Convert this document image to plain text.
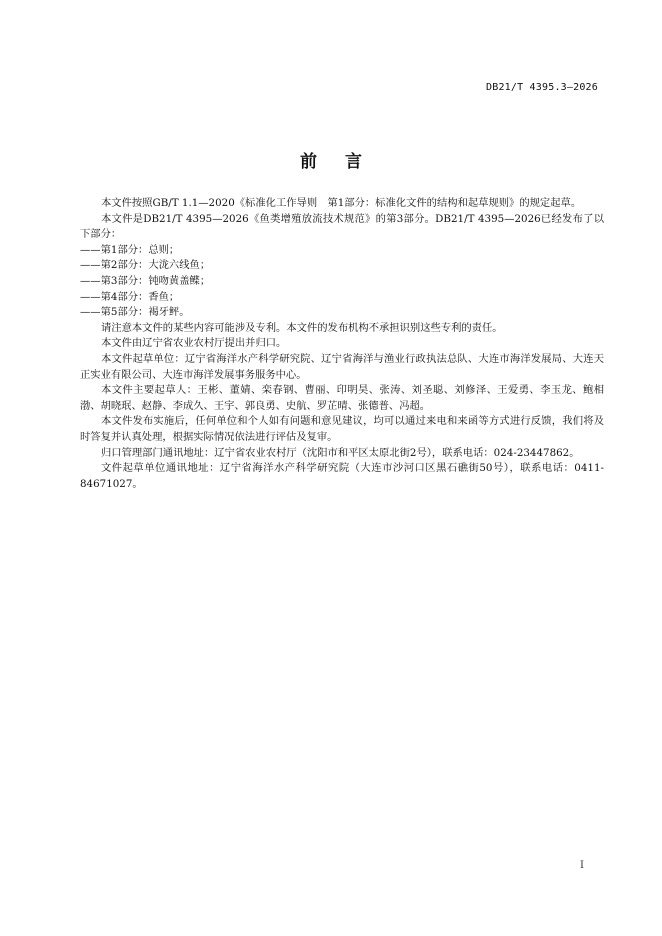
DB21/T 4395.3—2026
前言

本文件按照GB/T 1.1—2020《标准化工作导则　第1部分：标准化文件的结构和起草规则》的规定起草。

本文件是DB21/T 4395—2026《鱼类增殖放流技术规范》的第3部分。DB21/T 4395—2026已经发布了以下部分：

——第1部分：总则；

——第2部分：大泷六线鱼；

——第3部分：钝吻黄盖鲽；

——第4部分：香鱼；

——第5部分：褐牙鲆。

请注意本文件的某些内容可能涉及专利。本文件的发布机构不承担识别这些专利的责任。

本文件由辽宁省农业农村厅提出并归口。

本文件起草单位：辽宁省海洋水产科学研究院、辽宁省海洋与渔业行政执法总队、大连市海洋发展局、大连天正实业有限公司、大连市海洋发展事务服务中心。

本文件主要起草人：王彬、董婧、栾春钢、曹丽、印明昊、张涛、刘圣聪、刘修泽、王爱勇、李玉龙、鲍相渤、胡晓珉、赵静、李成久、王宇、郭良勇、史航、罗芷晴、张德普、冯超。

本文件发布实施后，任何单位和个人如有问题和意见建议，均可以通过来电和来函等方式进行反馈，我们将及时答复并认真处理，根据实际情况依法进行评估及复审。

归口管理部门通讯地址：辽宁省农业农村厅（沈阳市和平区太原北街2号），联系电话：024-23447862。

文件起草单位通讯地址：辽宁省海洋水产科学研究院（大连市沙河口区黑石礁街50号），联系电话：0411-84671027。

I
